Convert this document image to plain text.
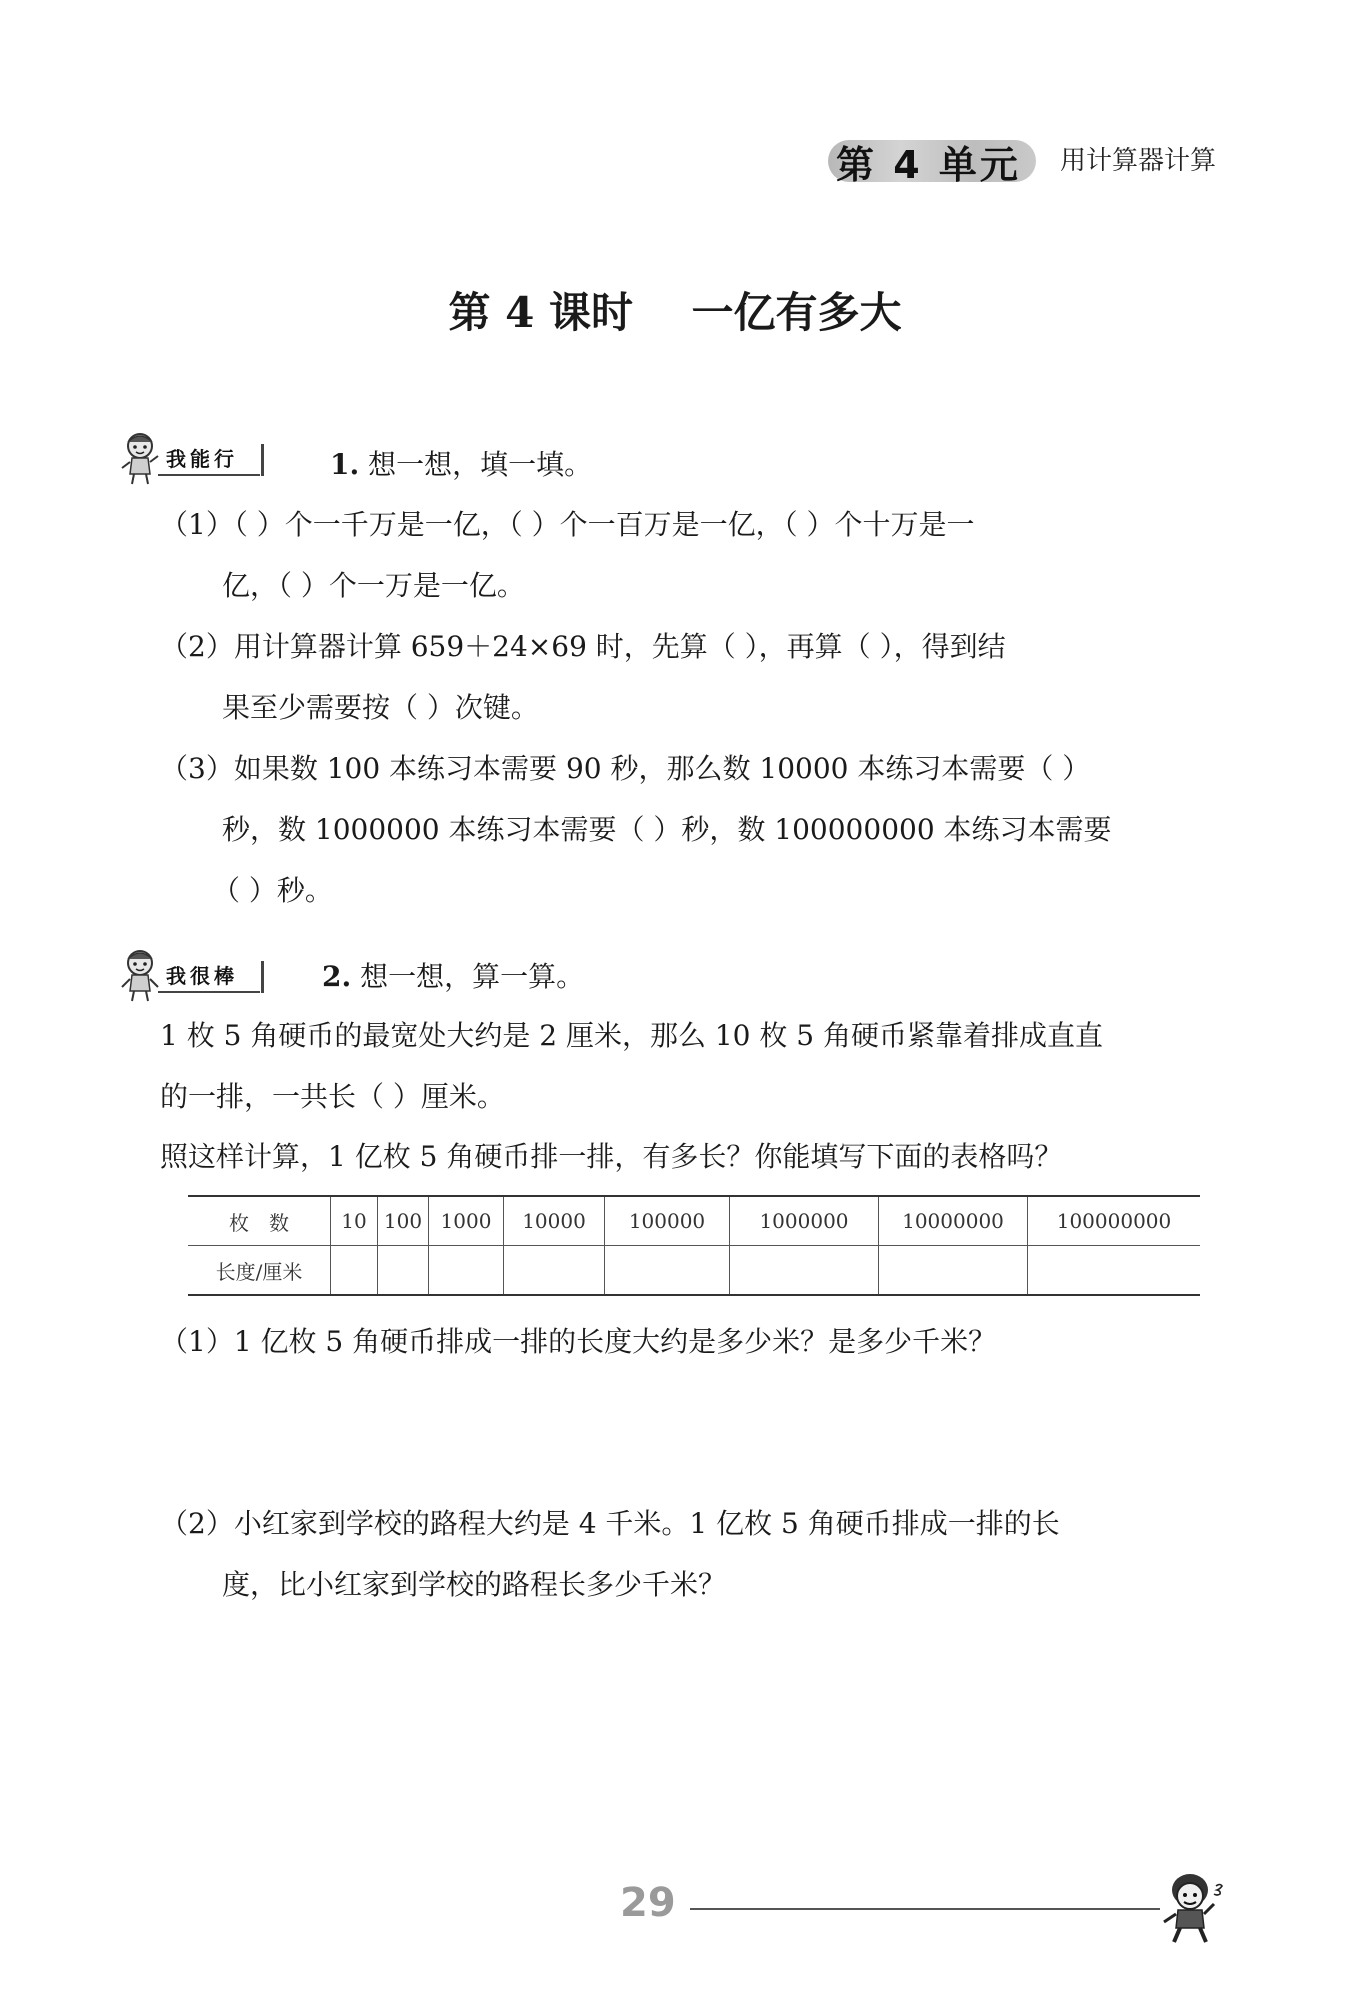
第 4 单元 用计算器计算
第 4 课时    一亿有多大
我能行	1. 想一想，填一填。
（1）（ ）个一千万是一亿，（ ）个一百万是一亿，（ ）个十万是一
亿，（ ）个一万是一亿。
（2）用计算器计算 659＋24×69 时，先算（ ），再算（ ），得到结
果至少需要按（ ）次键。
（3）如果数 100 本练习本需要 90 秒，那么数 10000 本练习本需要（ ）
秒，数 1000000 本练习本需要（ ）秒，数 100000000 本练习本需要
（ ）秒。
我很棒	2. 想一想，算一算。
1 枚 5 角硬币的最宽处大约是 2 厘米，那么 10 枚 5 角硬币紧靠着排成直直
的一排，一共长（ ）厘米。
照这样计算，1 亿枚 5 角硬币排一排，有多长？你能填写下面的表格吗？
枚　数	10	100	1000	10000	100000	1000000	10000000	100000000
长度/厘米								
（1）1 亿枚 5 角硬币排成一排的长度大约是多少米？是多少千米？
（2）小红家到学校的路程大约是 4 千米。1 亿枚 5 角硬币排成一排的长
度，比小红家到学校的路程长多少千米？
29
